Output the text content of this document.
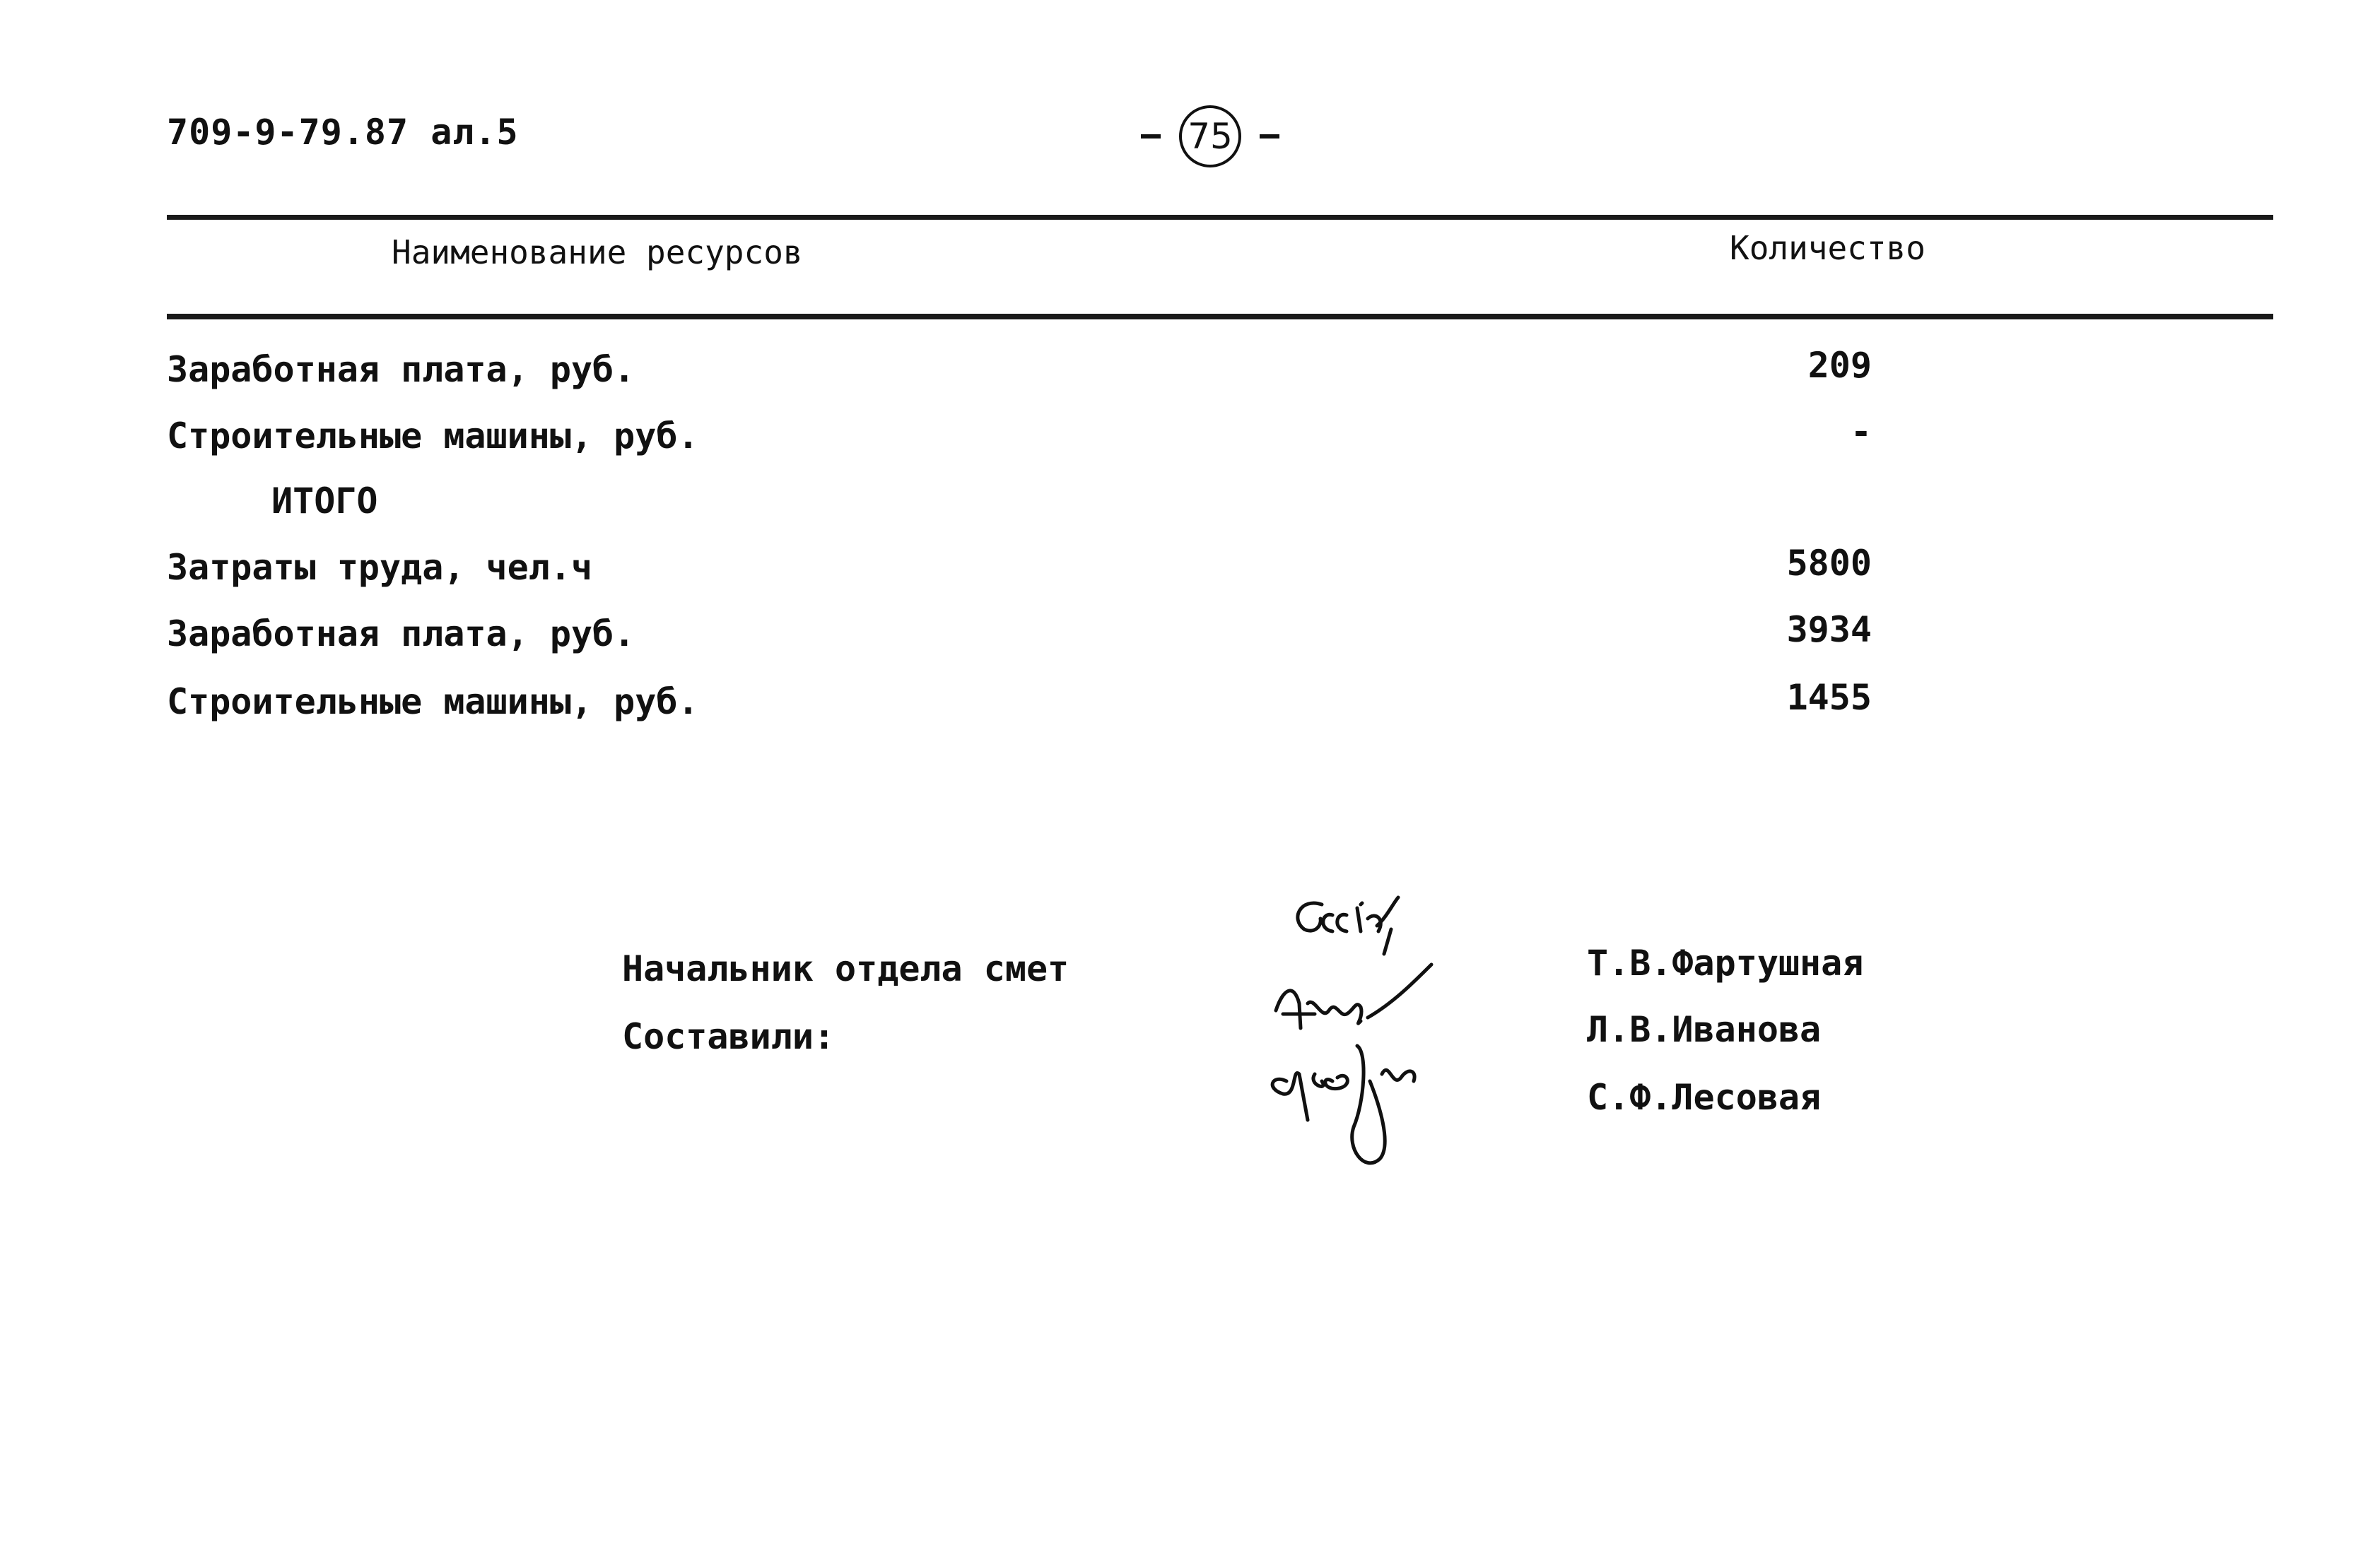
709-9-79.87 ал.5	75
Наименование ресурсов	Количество
Заработная плата, руб.	209
Строительные машины, руб.	-
ИТОГО
Затраты труда, чел.ч	5800
Заработная плата, руб.	3934
Строительные машины, руб.	1455
Начальник отдела смет
Составили:
Т.В.Фартушная
Л.В.Иванова
С.Ф.Лесовая
